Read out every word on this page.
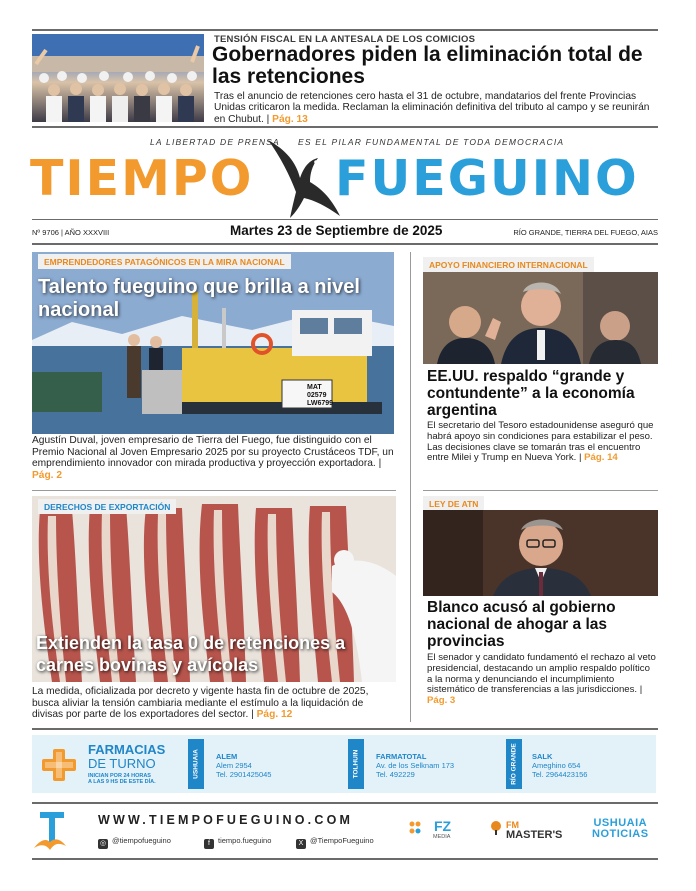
TENSIÓN FISCAL EN LA ANTESALA DE LOS COMICIOS
Gobernadores piden la eliminación total de las retenciones
Tras el anuncio de retenciones cero hasta el 31 de octubre, mandatarios del frente Provincias Unidas criticaron la medida. Reclaman la eliminación definitiva del tributo al campo y se reunirán en Chubut. | Pág. 13
LA LIBERTAD DE PRENSA ES EL PILAR FUNDAMENTAL DE TODA DEMOCRACIA
TIEMPO FUEGUINO
Nº 9706 | AÑO XXXVIII	Martes 23 de Septiembre de 2025	RÍO GRANDE, TIERRA DEL FUEGO, AIAS
MAT
02579
LW6799
EMPRENDEDORES PATAGÓNICOS EN LA MIRA NACIONAL
Talento fueguino que brilla a nivel nacional
Agustín Duval, joven empresario de Tierra del Fuego, fue distinguido con el Premio Nacional al Joven Empresario 2025 por su proyecto Crustáceos TDF, un emprendimiento innovador con mirada productiva y proyección exportadora. | Pág. 2
DERECHOS DE EXPORTACIÓN
Extienden la tasa 0 de retenciones a carnes bovinas y avícolas
La medida, oficializada por decreto y vigente hasta fin de octubre de 2025, busca aliviar la tensión cambiaria mediante el estímulo a la liquidación de divisas por parte de los exportadores del sector. | Pág. 12
APOYO FINANCIERO INTERNACIONAL
EE.UU. respaldo “grande y contundente” a la economía argentina
El secretario del Tesoro estadounidense aseguró que habrá apoyo sin condiciones para estabilizar el peso. Las decisiones clave se tomarán tras el encuentro entre Milei y Trump en Nueva York. | Pág. 14
LEY DE ATN
Blanco acusó al gobierno nacional de ahogar a las provincias
El senador y candidato fundamentó el rechazo al veto presidencial, destacando un amplio respaldo político a la norma y denunciando el incumplimiento sistemático de transferencias a las jurisdicciones. | Pág. 3
FARMACIAS
DE TURNO
INICIAN POR 24 HORAS
A LAS 9 HS DE ESTE DÍA.
USHUAIA ALEM
Alem 2954
Tel. 2901425045	TOLHUIN FARMATOTAL
Av. de los Selknam 173
Tel. 492229	RÍO GRANDE SALK
Ameghino 654
Tel. 2964423156
WWW.TIEMPOFUEGUINO.COM
◎ @tiempofueguino	f tiempo.fueguino	X @TiempoFueguino
FZ
MEDIA
FM
MASTER'S
USHUAIA
NOTICIAS
